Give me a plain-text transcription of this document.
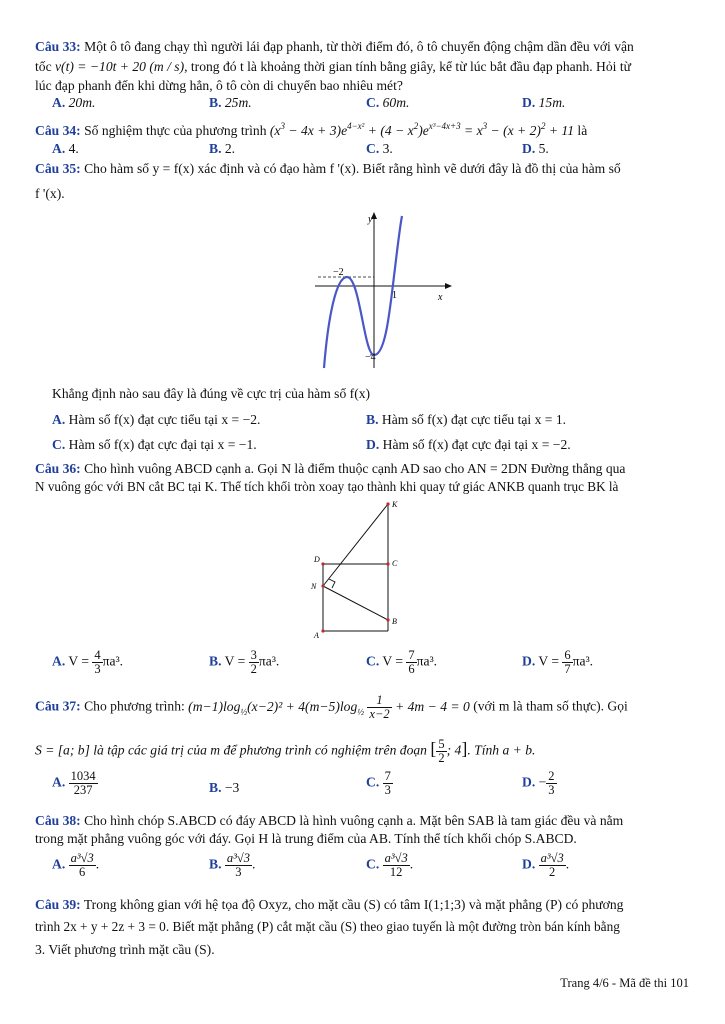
Câu 33: Một ô tô đang chạy thì người lái đạp phanh, từ thời điểm đó, ô tô chuyển động chậm dần đều với vận
tốc v(t) = −10t + 20 (m / s), trong đó t là khoảng thời gian tính bằng giây, kể từ lúc bắt đầu đạp phanh. Hỏi từ
lúc đạp phanh đến khi dừng hẳn, ô tô còn di chuyển bao nhiêu mét?
A. 20m.	B. 25m.	C. 60m.	D. 15m.
Câu 34: Số nghiệm thực của phương trình $(x^3 - 4x + 3)e^{4-x^2} + (4 - x^2)e^{x^3-4x+3} = x^3 - (x + 2)^2 + 11$ là
A. 4.	B. 2.	C. 3.	D. 5.
Câu 35: Cho hàm số y = f(x) xác định và có đạo hàm f '(x). Biết rằng hình vẽ dưới đây là đồ thị của hàm số
f '(x).
y
x
−2
1
−4
Khẳng định nào sau đây là đúng về cực trị của hàm số f(x)
A. Hàm số f(x) đạt cực tiểu tại x = −2.	B. Hàm số f(x) đạt cực tiểu tại x = 1.
C. Hàm số f(x) đạt cực đại tại x = −1.	D. Hàm số f(x) đạt cực đại tại x = −2.
Câu 36: Cho hình vuông ABCD cạnh a. Gọi N là điểm thuộc cạnh AD sao cho AN = 2DN Đường thẳng qua
N vuông góc với BN cắt BC tại K. Thể tích khối tròn xoay tạo thành khi quay tứ giác ANKB quanh trục BK là
K
D	C
N
B
A
A. $V = \frac{4}{3} \pi a^3$.	B. $V = \frac{3}{2} \pi a^3$.	C. $V = \frac{7}{6} \pi a^3$.	D. $V = \frac{6}{7} \pi a^3$.
Câu 37: Cho phương trình: $(m-1)\log_{\frac{1}{2}}(x-2)^2 + 4(m-5)\log_{\frac{1}{2}} \frac{1}{x-2} + 4m - 4 = 0$ (với m là tham số thực). Gọi
S = [a; b] là tập các giá trị của m để phương trình có nghiệm trên đoạn [ $\frac{5}{2}$ ; 4]. Tính a + b.
A. $\frac{1034}{237}$	B. −3	C. $\frac{7}{3}$	D. − $\frac{2}{3}$
Câu 38: Cho hình chóp S.ABCD có đáy ABCD là hình vuông cạnh a. Mặt bên SAB là tam giác đều và nằm
trong mặt phẳng vuông góc với đáy. Gọi H là trung điểm của AB. Tính thể tích khối chóp S.ABCD.
A. $\frac{\text{a³√3}}{6}$ .	B. $\frac{\text{a³√3}}{3}$ .	C. $\frac{\text{a³√3}}{12}$ .	D. $\frac{\text{a³√3}}{2}$ .
Câu 39: Trong không gian với hệ tọa độ Oxyz, cho mặt cầu (S) có tâm I(1;1;3) và mặt phẳng (P) có phương
trình 2x + y + 2z + 3 = 0. Biết mặt phẳng (P) cắt mặt cầu (S) theo giao tuyến là một đường tròn bán kính bằng
3. Viết phương trình mặt cầu (S).
Trang 4/6 - Mã đề thi 101
